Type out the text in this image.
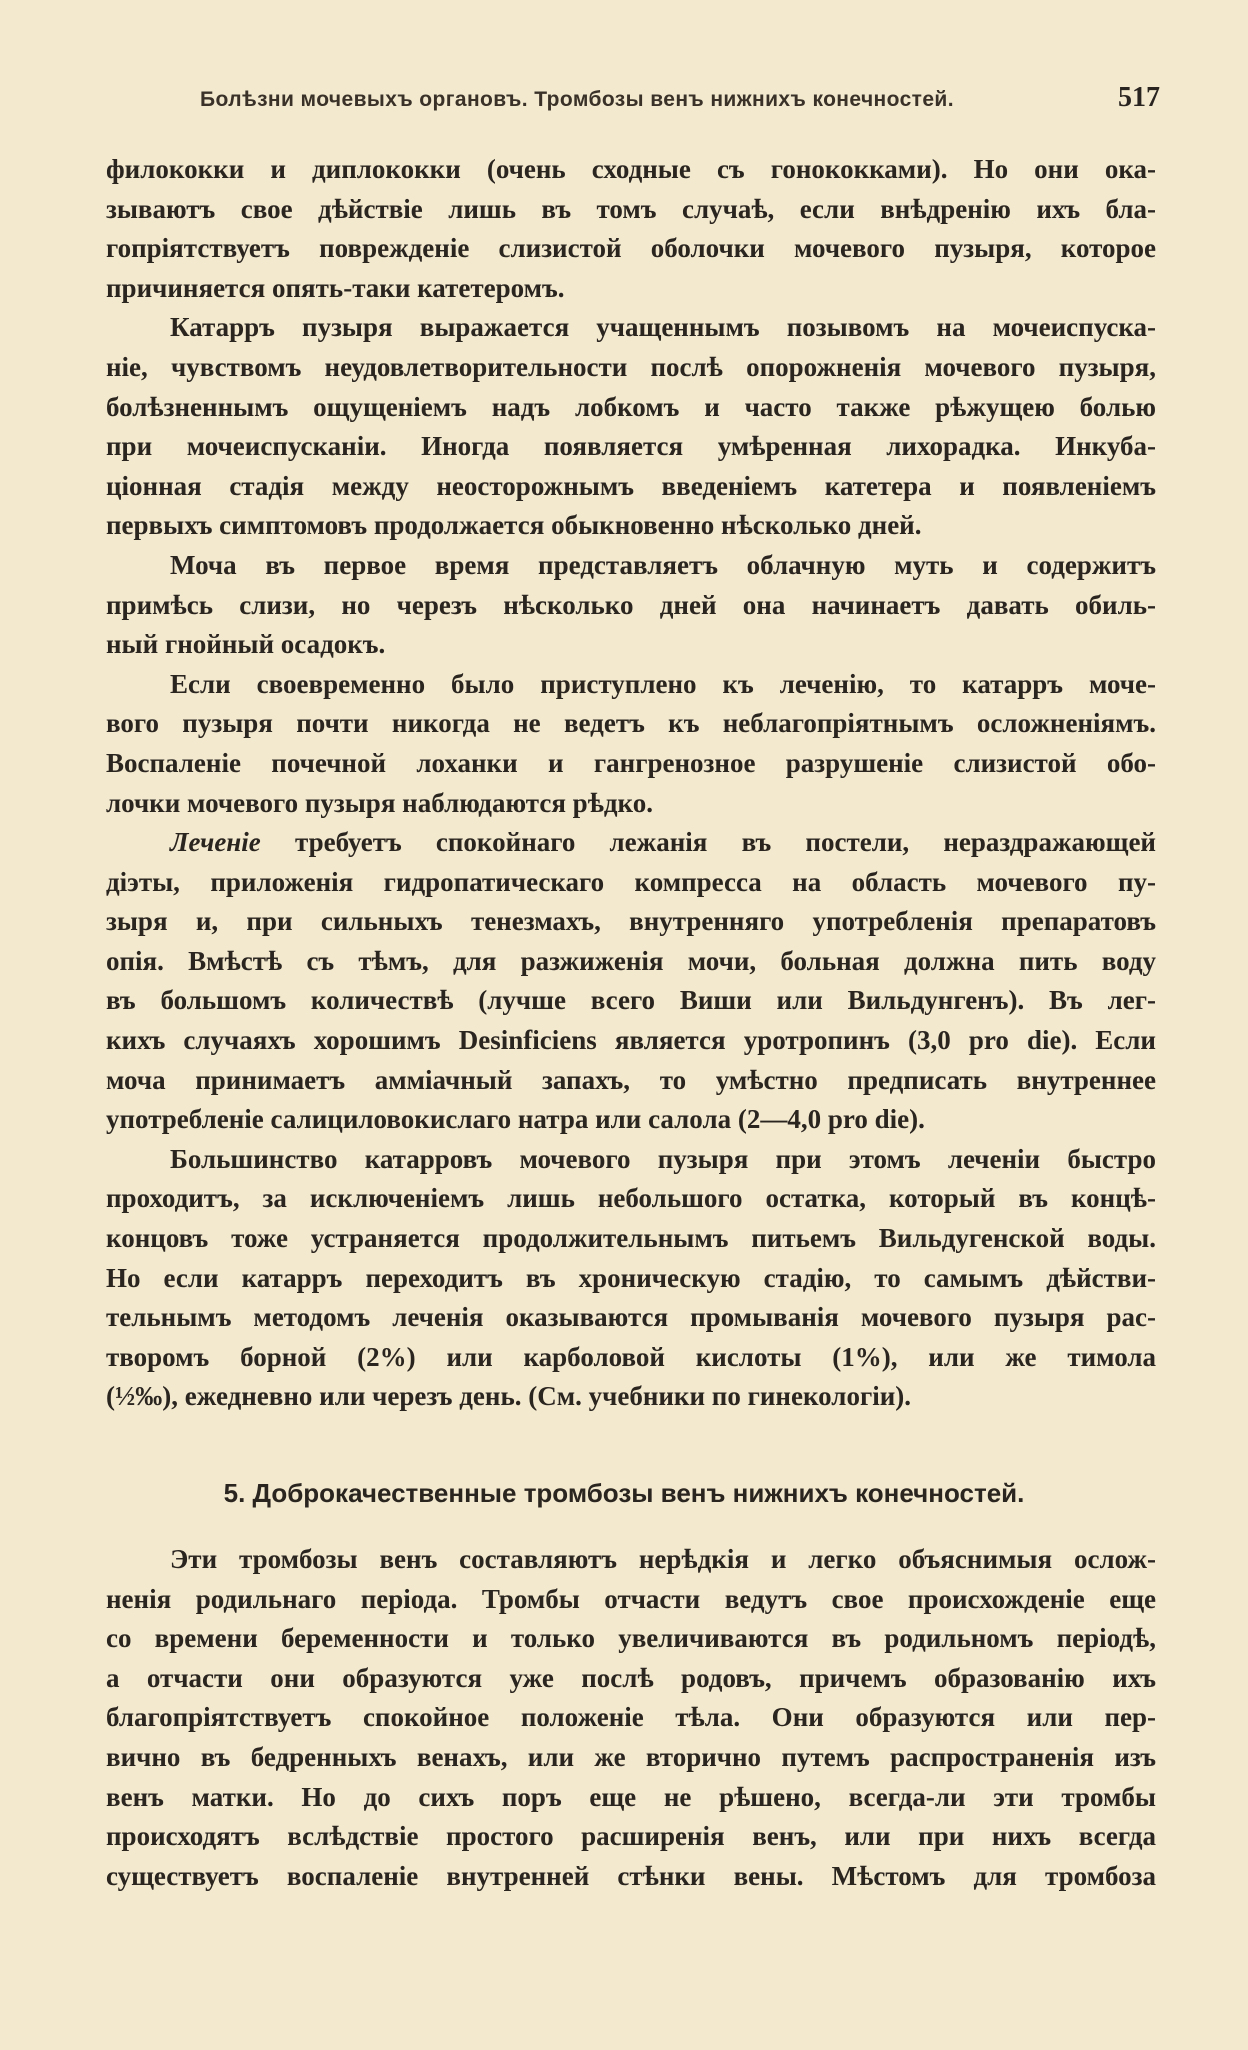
Болѣзни мочевыхъ органовъ. Тромбозы венъ нижнихъ конечностей.	517
филококки и диплококки (очень сходные съ гонококками). Но они ока-
зываютъ свое дѣйствіе лишь въ томъ случаѣ, если внѣдренію ихъ бла-
гопріятствуетъ поврежденіе слизистой оболочки мочевого пузыря, которое
причиняется опять-таки катетеромъ.
Катарръ пузыря выражается учащеннымъ позывомъ на мочеиспуска-
ніе, чувствомъ неудовлетворительности послѣ опорожненія мочевого пузыря,
болѣзненнымъ ощущеніемъ надъ лобкомъ и часто также рѣжущею болью
при мочеиспусканіи. Иногда появляется умѣренная лихорадка. Инкуба-
ціонная стадія между неосторожнымъ введеніемъ катетера и появленіемъ
первыхъ симптомовъ продолжается обыкновенно нѣсколько дней.
Моча въ первое время представляетъ облачную муть и содержитъ
примѣсь слизи, но черезъ нѣсколько дней она начинаетъ давать обиль-
ный гнойный осадокъ.
Если своевременно было приступлено къ леченію, то катарръ моче-
вого пузыря почти никогда не ведетъ къ неблагопріятнымъ осложненіямъ.
Воспаленіе почечной лоханки и гангренозное разрушеніе слизистой обо-
лочки мочевого пузыря наблюдаются рѣдко.
Леченіе требуетъ спокойнаго лежанія въ постели, нераздражающей
діэты, приложенія гидропатическаго компресса на область мочевого пу-
зыря и, при сильныхъ тенезмахъ, внутренняго употребленія препаратовъ
опія. Вмѣстѣ съ тѣмъ, для разжиженія мочи, больная должна пить воду
въ большомъ количествѣ (лучше всего Виши или Вильдунгенъ). Въ лег-
кихъ случаяхъ хорошимъ Desinficiens является уротропинъ (3,0 pro die). Если
моча принимаетъ амміачный запахъ, то умѣстно предписать внутреннее
употребленіе салициловокислаго натра или салола (2—4,0 pro die).
Большинство катарровъ мочевого пузыря при этомъ леченіи быстро
проходитъ, за исключеніемъ лишь небольшого остатка, который въ концѣ-
концовъ тоже устраняется продолжительнымъ питьемъ Вильдугенской воды.
Но если катарръ переходитъ въ хроническую стадію, то самымъ дѣйстви-
тельнымъ методомъ леченія оказываются промыванія мочевого пузыря рас-
творомъ борной (2%) или карболовой кислоты (1%), или же тимола
(½‰), ежедневно или черезъ день. (См. учебники по гинекологіи).
5. Доброкачественные тромбозы венъ нижнихъ конечностей.
Эти тромбозы венъ составляютъ нерѣдкія и легко объяснимыя ослож-
ненія родильнаго періода. Тромбы отчасти ведутъ свое происхожденіе еще
со времени беременности и только увеличиваются въ родильномъ періодѣ,
а отчасти они образуются уже послѣ родовъ, причемъ образованію ихъ
благопріятствуетъ спокойное положеніе тѣла. Они образуются или пер-
вично въ бедренныхъ венахъ, или же вторично путемъ распространенія изъ
венъ матки. Но до сихъ поръ еще не рѣшено, всегда-ли эти тромбы
происходятъ вслѣдствіе простого расширенія венъ, или при нихъ всегда
существуетъ воспаленіе внутренней стѣнки вены. Мѣстомъ для тромбоза
